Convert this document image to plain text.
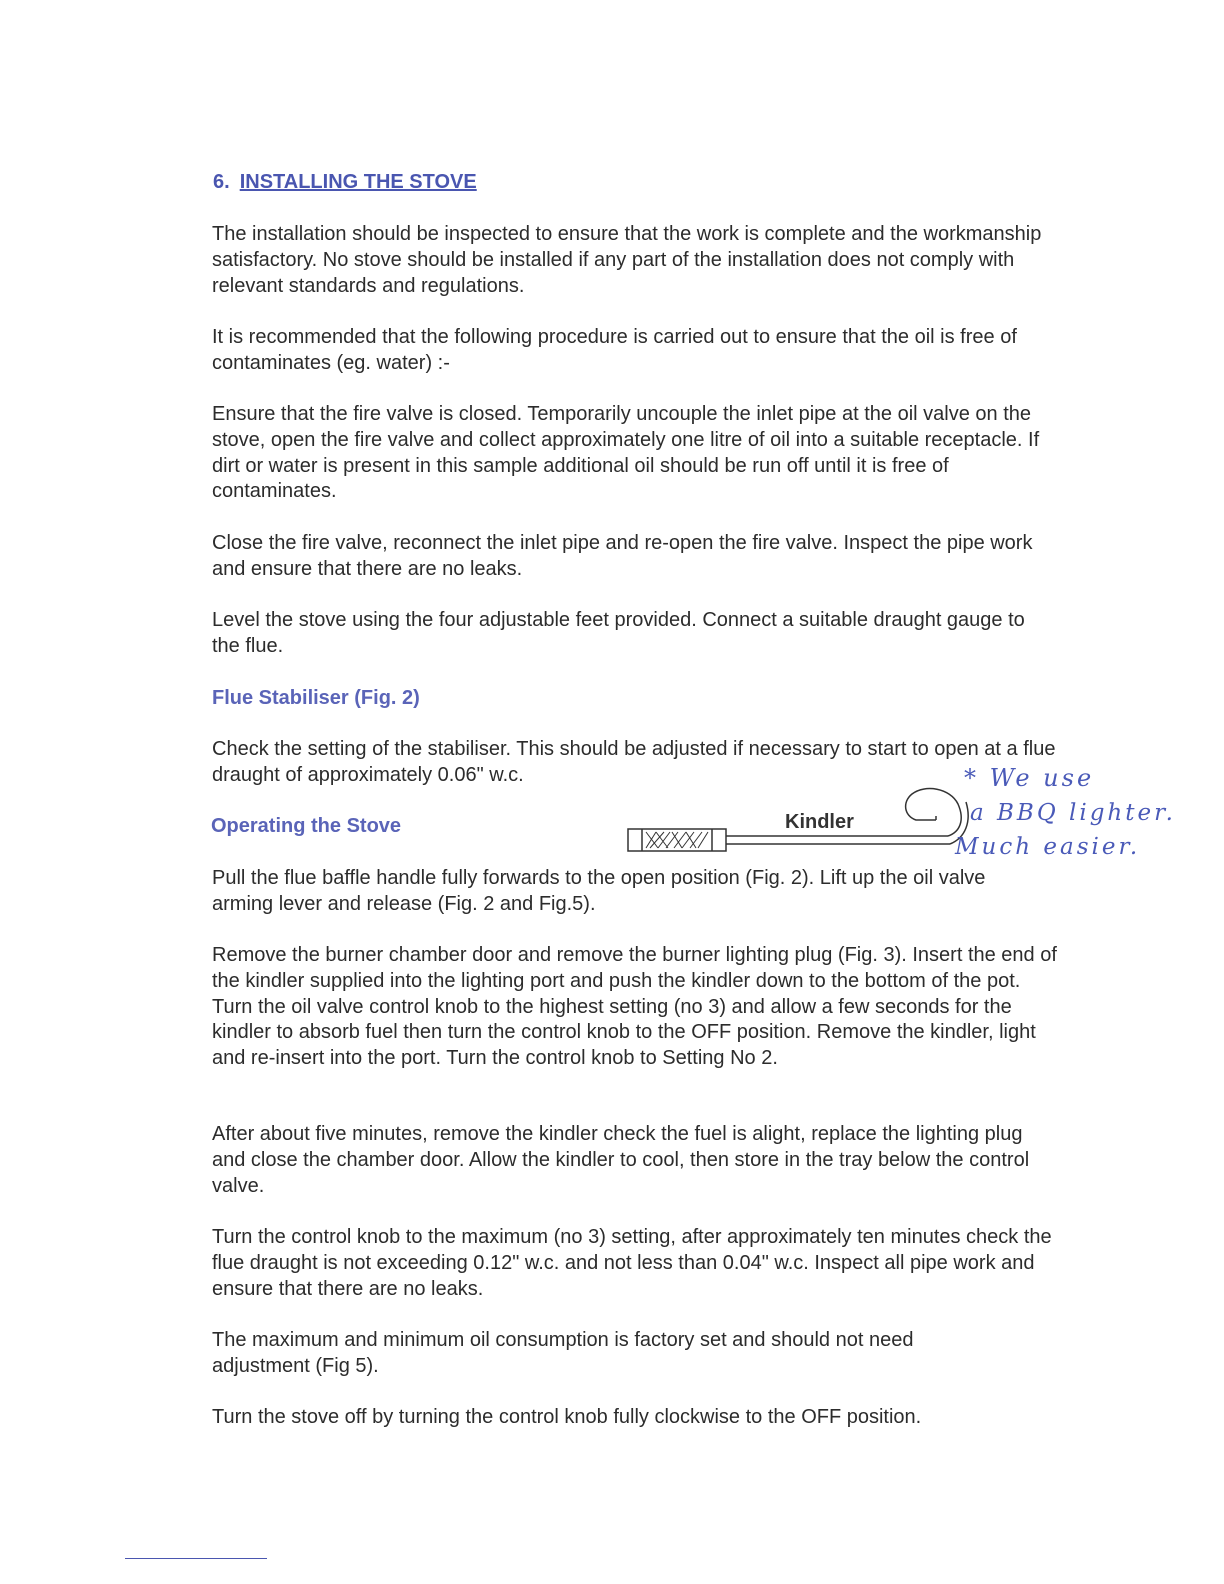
6. INSTALLING THE STOVE

The installation should be inspected to ensure that the work is complete and the workmanship satisfactory. No stove should be installed if any part of the installation does not comply with relevant standards and regulations.

It is recommended that the following procedure is carried out to ensure that the oil is free of contaminates (eg. water) :-

Ensure that the fire valve is closed. Temporarily uncouple the inlet pipe at the oil valve on the stove, open the fire valve and collect approximately one litre of oil into a suitable receptacle. If dirt or water is present in this sample additional oil should be run off until it is free of contaminates.

Close the fire valve, reconnect the inlet pipe and re-open the fire valve. Inspect the pipe work and ensure that there are no leaks.

Level the stove using the four adjustable feet provided. Connect a suitable draught gauge to the flue.

Flue Stabiliser (Fig. 2)

Check the setting of the stabiliser. This should be adjusted if necessary to start to open at a flue draught of approximately 0.06" w.c.

Operating the Stove	Kindler
* We use
a BBQ lighter.
Much easier.

Pull the flue baffle handle fully forwards to the open position (Fig. 2). Lift up the oil valve arming lever and release (Fig. 2 and Fig.5).

Remove the burner chamber door and remove the burner lighting plug (Fig. 3). Insert the end of the kindler supplied into the lighting port and push the kindler down to the bottom of the pot. Turn the oil valve control knob to the highest setting (no 3) and allow a few seconds for the kindler to absorb fuel then turn the control knob to the OFF position. Remove the kindler, light and re-insert into the port. Turn the control knob to Setting No 2.

After about five minutes, remove the kindler check the fuel is alight, replace the lighting plug and close the chamber door. Allow the kindler to cool, then store in the tray below the control valve.

Turn the control knob to the maximum (no 3) setting, after approximately ten minutes check the flue draught is not exceeding 0.12" w.c. and not less than 0.04" w.c. Inspect all pipe work and ensure that there are no leaks.

The maximum and minimum oil consumption is factory set and should not need adjustment (Fig 5).

Turn the stove off by turning the control knob fully clockwise to the OFF position.
